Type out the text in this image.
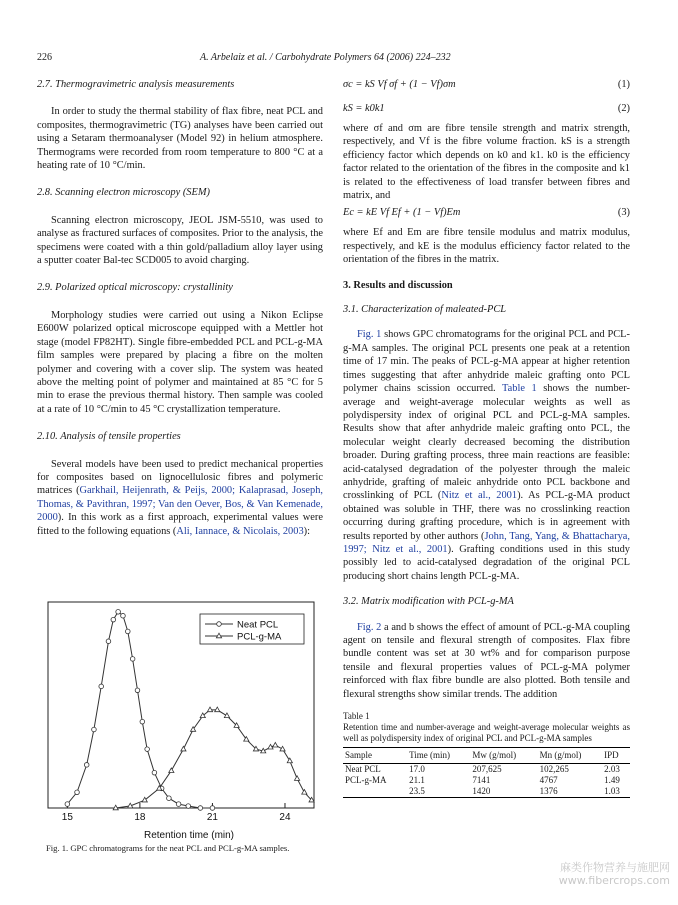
226	A. Arbelaiz et al. / Carbohydrate Polymers 64 (2006) 224–232
2.7. Thermogravimetric analysis measurements

In order to study the thermal stability of flax fibre, neat PCL and composites, thermogravimetric (TG) analyses have been carried out using a Setaram thermoanalyser (Model 92) in helium atmosphere. Thermograms were recorded from room temperature to 800 °C at a heating rate of 10 °C/min.

2.8. Scanning electron microscopy (SEM)

Scanning electron microscopy, JEOL JSM-5510, was used to analyse as fractured surfaces of composites. Prior to the analysis, the specimens were coated with a thin gold/palladium alloy layer using a sputter coater Bal-tec SCD005 to avoid charging.

2.9. Polarized optical microscopy: crystallinity

Morphology studies were carried out using a Nikon Eclipse E600W polarized optical microscope equipped with a Mettler hot stage (model FP82HT). Single fibre-embedded PCL and PCL-g-MA film samples were prepared by placing a fibre on the molten polymer and covering with a cover slip. The system was heated above the melting point of polymer and maintained at 85 °C for 5 min to erase the previous thermal history. Then sample was cooled at a rate of 10 °C/min to 45 °C crystallization temperature.

2.10. Analysis of tensile properties

Several models have been used to predict mechanical properties for composites based on lignocellulosic fibres and polymeric matrices (Garkhail, Heijenrath, & Peijs, 2000; Kalaprasad, Joseph, Thomas, & Pavithran, 1997; Van den Oever, Bos, & Van Kemenade, 2000). In this work as a first approach, experimental values were fitted to the following equations (Ali, Iannace, & Nicolais, 2003):

15	18	21	24
Retention time (min)
Neat PCL
PCL-g-MA
Fig. 1. GPC chromatograms for the neat PCL and PCL-g-MA samples.
σc = kS Vf σf + (1 − Vf)σm	(1)
kS = k0k1	(2)

where σf and σm are fibre tensile strength and matrix strength, respectively, and Vf is the fibre volume fraction. kS is a strength efficiency factor which depends on k0 and k1. k0 is the efficiency factor related to the orientation of the fibres in the composite and k1 is related to the effectiveness of load transfer between fibres and matrix, and

Ec = kE Vf Ef + (1 − Vf)Em	(3)

where Ef and Em are fibre tensile modulus and matrix modulus, respectively, and kE is the modulus efficiency factor related to the orientation of the fibres in the matrix.

3. Results and discussion
3.1. Characterization of maleated-PCL

Fig. 1 shows GPC chromatograms for the original PCL and PCL-g-MA samples. The original PCL presents one peak at a retention time of 17 min. The peaks of PCL-g-MA appear at higher retention times suggesting that after anhydride maleic grafting onto PCL polymer chains scission occurred. Table 1 shows the number-average and weight-average molecular weights as well as polydispersity index of original PCL and PCL-g-MA samples. Results show that after anhydride maleic grafting onto PCL, the molecular weight clearly decreased becoming the distribution broader. During grafting process, three main reactions are feasible: acid-catalysed degradation of the polyester through the maleic anhydride, grafting of maleic anhydride onto PCL backbone and crosslinking of PCL (Nitz et al., 2001). As PCL-g-MA product obtained was soluble in THF, there was no crosslinking reaction occurring during grafting procedure, which is in agreement with results reported by other authors (John, Tang, Yang, & Bhattacharya, 1997; Nitz et al., 2001). Grafting conditions used in this study possibly led to acid-catalysed degradation of the original PCL producing short chains length PCL-g-MA.

3.2. Matrix modification with PCL-g-MA

Fig. 2 a and b shows the effect of amount of PCL-g-MA coupling agent on tensile and flexural strength of composites. Flax fibre bundle content was set at 30 wt% and for comparison purpose tensile and flexural properties values of PCL-g-MA polymer reinforced with flax fibre bundle are also plotted. Both tensile and flexural strengths show similar trends. The addition

Table 1
Retention time and number-average and weight-average molecular weights as well as polydispersity index of original PCL and PCL-g-MA samples
Sample	Time (min)	Mw (g/mol)	Mn (g/mol)	IPD
Neat PCL	17.0	207,625	102,265	2.03
PCL-g-MA	21.1	7141	4767	1.49
	23.5	1420	1376	1.03
麻类作物营养与施肥网
www.fibercrops.com
